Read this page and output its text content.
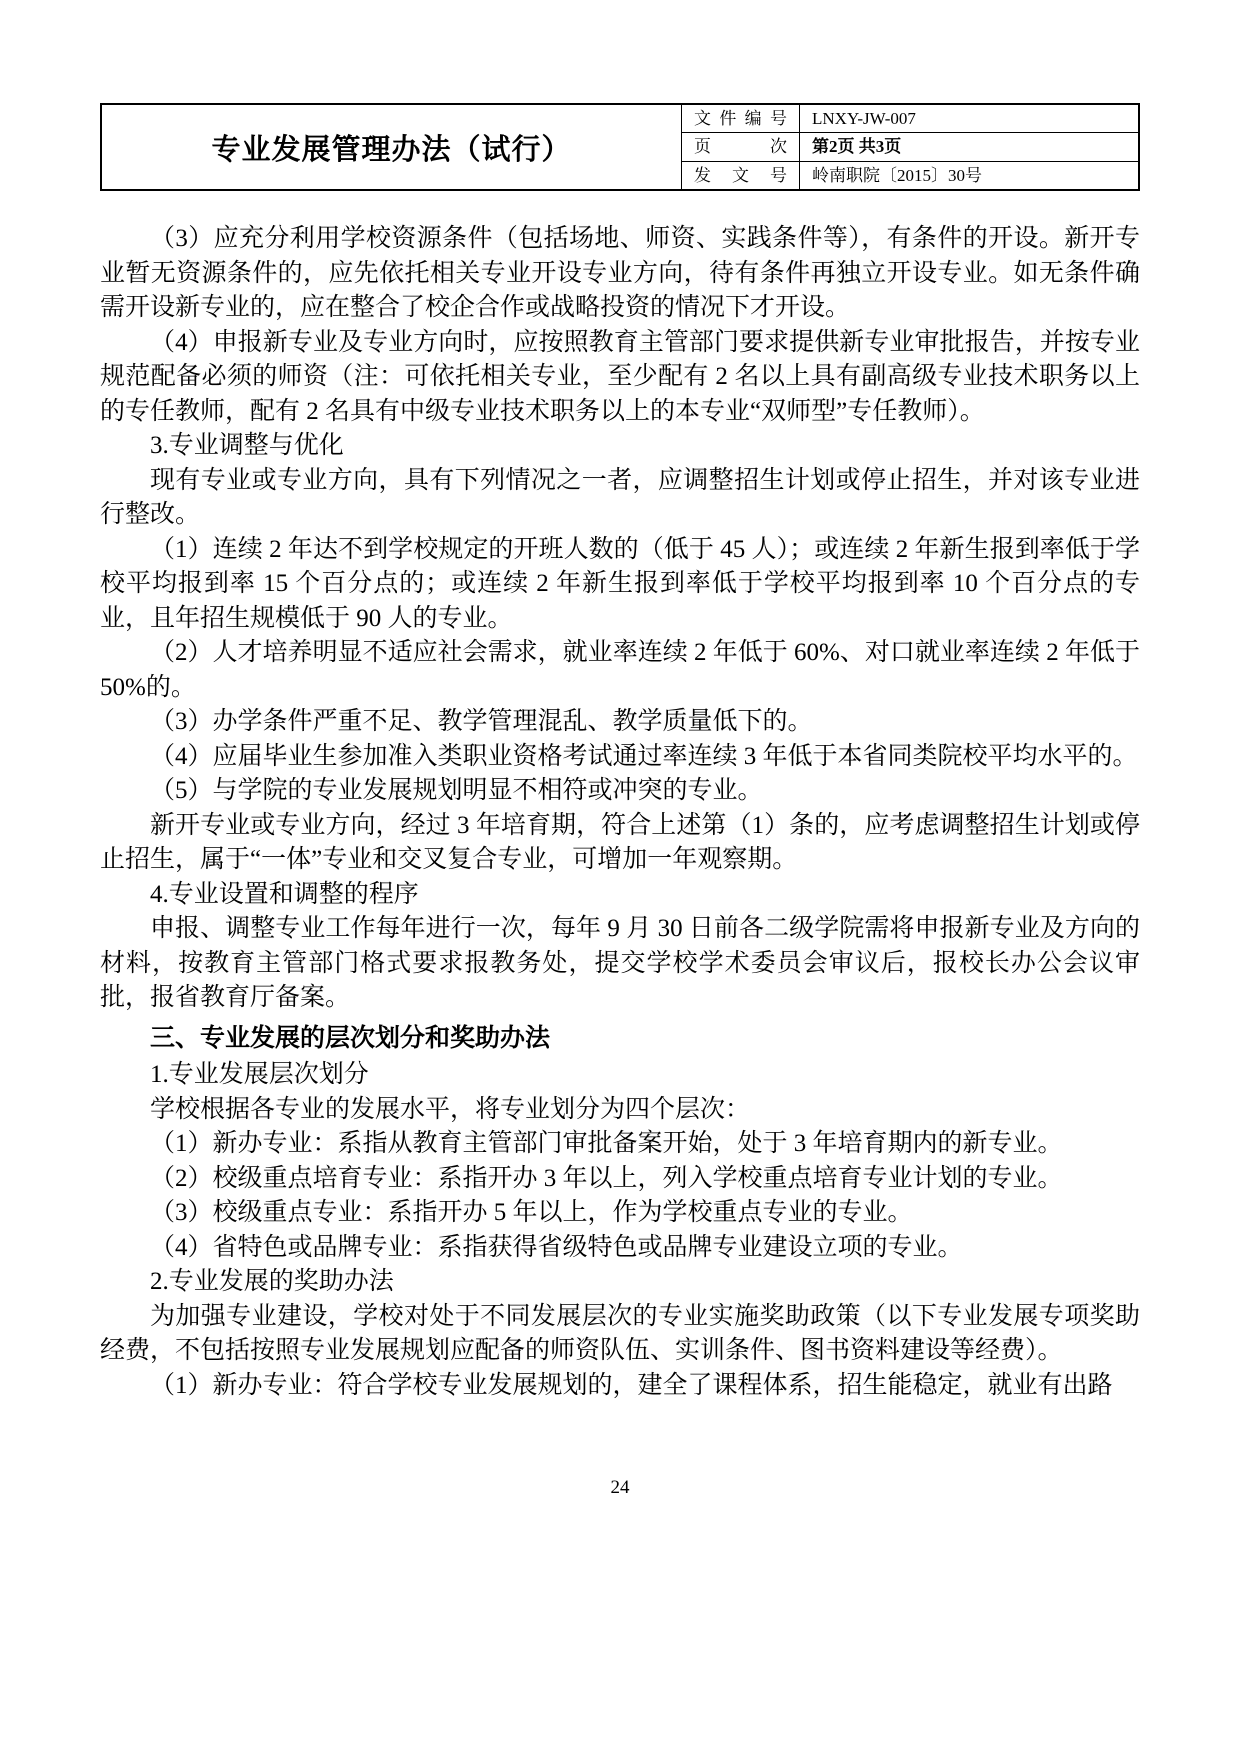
专业发展管理办法（试行）
文 件 编 号	LNXY-JW-007
页 次	第2页 共3页
发 文 号	岭南职院〔2015〕30号

（3）应充分利用学校资源条件（包括场地、师资、实践条件等），有条件的开设。新开专业暂无资源条件的，应先依托相关专业开设专业方向，待有条件再独立开设专业。如无条件确需开设新专业的，应在整合了校企合作或战略投资的情况下才开设。

（4）申报新专业及专业方向时，应按照教育主管部门要求提供新专业审批报告，并按专业规范配备必须的师资（注：可依托相关专业，至少配有 2 名以上具有副高级专业技术职务以上的专任教师，配有 2 名具有中级专业技术职务以上的本专业“双师型”专任教师）。

3.专业调整与优化

现有专业或专业方向，具有下列情况之一者，应调整招生计划或停止招生，并对该专业进行整改。

（1）连续 2 年达不到学校规定的开班人数的（低于 45 人）；或连续 2 年新生报到率低于学校平均报到率 15 个百分点的；或连续 2 年新生报到率低于学校平均报到率 10 个百分点的专业，且年招生规模低于 90 人的专业。

（2）人才培养明显不适应社会需求，就业率连续 2 年低于 60%、对口就业率连续 2 年低于 50%的。

（3）办学条件严重不足、教学管理混乱、教学质量低下的。

（4）应届毕业生参加准入类职业资格考试通过率连续 3 年低于本省同类院校平均水平的。

（5）与学院的专业发展规划明显不相符或冲突的专业。

新开专业或专业方向，经过 3 年培育期，符合上述第（1）条的，应考虑调整招生计划或停止招生，属于“一体”专业和交叉复合专业，可增加一年观察期。

4.专业设置和调整的程序

申报、调整专业工作每年进行一次，每年 9 月 30 日前各二级学院需将申报新专业及方向的材料，按教育主管部门格式要求报教务处，提交学校学术委员会审议后，报校长办公会议审批，报省教育厅备案。

三、专业发展的层次划分和奖助办法

1.专业发展层次划分

学校根据各专业的发展水平，将专业划分为四个层次：

（1）新办专业：系指从教育主管部门审批备案开始，处于 3 年培育期内的新专业。

（2）校级重点培育专业：系指开办 3 年以上，列入学校重点培育专业计划的专业。

（3）校级重点专业：系指开办 5 年以上，作为学校重点专业的专业。

（4）省特色或品牌专业：系指获得省级特色或品牌专业建设立项的专业。

2.专业发展的奖助办法

为加强专业建设，学校对处于不同发展层次的专业实施奖助政策（以下专业发展专项奖助经费，不包括按照专业发展规划应配备的师资队伍、实训条件、图书资料建设等经费）。

（1）新办专业：符合学校专业发展规划的，建全了课程体系，招生能稳定，就业有出路

24
